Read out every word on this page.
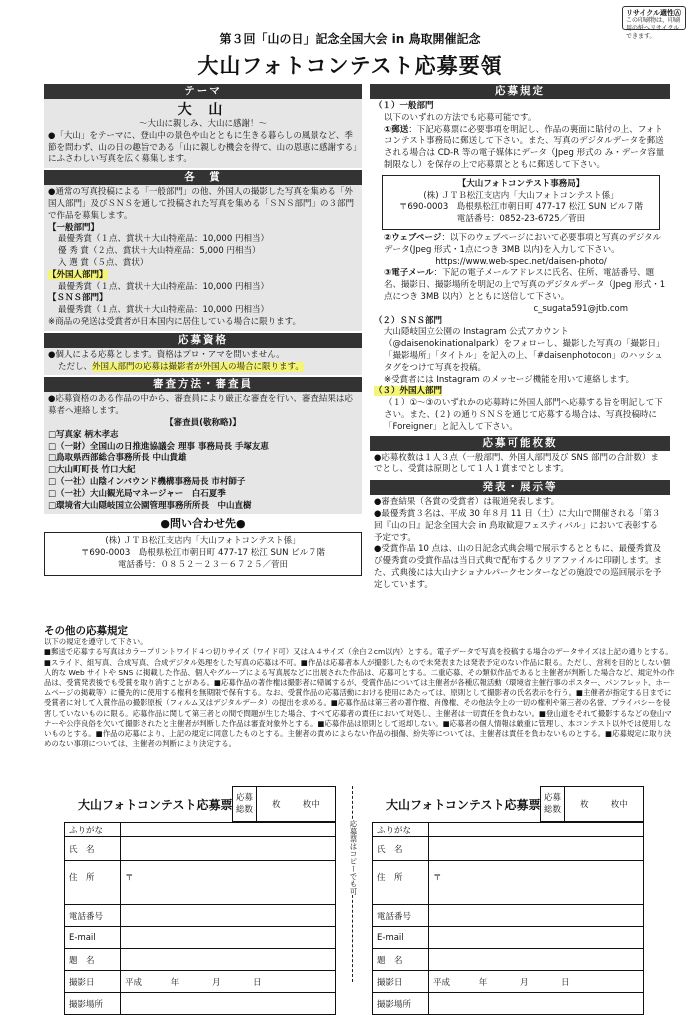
リサイクル適性Ⓐ
この印刷物は、印刷用の紙へリサイクルできます。
第３回「山の日」記念全国大会 in 鳥取開催記念
大山フォトコンテスト応募要領
テーマ
大 山
～大山に親しみ、大山に感謝！～
●「大山」をテーマに、登山中の景色や山とともに生きる暮らしの風景など、季節を問わず、山の日の趣旨である「山に親しむ機会を得て、山の恩恵に感謝する」にふさわしい写真を広く募集します。
各　賞
●通常の写真投稿による「一般部門」の他、外国人の撮影した写真を集める「外国人部門」及びＳＮＳを通して投稿された写真を集める「ＳＮＳ部門」の３部門で作品を募集します。
【一般部門】
最優秀賞（１点、賞状＋大山特産品：10,000 円相当）
優 秀 賞（２点、賞状＋大山特産品：5,000 円相当）
入 選 賞（５点、賞状）
【外国人部門】
最優秀賞（１点、賞状＋大山特産品：10,000 円相当）
【ＳＮＳ部門】
最優秀賞（１点、賞状＋大山特産品：10,000 円相当）
※商品の発送は受賞者が日本国内に居住している場合に限ります。
応募資格
●個人による応募とします。資格はプロ・アマを問いません。
ただし、外国人部門の応募は撮影者が外国人の場合に限ります。
審査方法・審査員
●応募資格のある作品の中から、審査員により厳正な審査を行い、審査結果は応募者へ連絡します。
【審査員(敬称略)】
□写真家 柄木孝志
□（一財）全国山の日推進協議会 理事 事務局長 手塚友恵
□鳥取県西部総合事務所長 中山貴雄
□大山町町長 竹口大紀
□（一社）山陰インバウンド機構事務局長 市村師子
□（一社）大山観光局マネージャー　白石夏季
□環境省大山隠岐国立公園管理事務所所長　中山直樹
●問い合わせ先●
(株) ＪＴＢ松江支店内「大山フォトコンテスト係」
〒690-0003　島根県松江市朝日町 477-17 松江 SUN ビル７階
電話番号：０８５２－２３－６７２５／菅田
応募規定
（１）一般部門
以下のいずれの方法でも応募可能です。
①郵送：下記応募票に必要事項を明記し、作品の裏面に貼付の上、フォトコンテスト事務局に郵送して下さい。また、写真のデジタルデータを郵送される場合は CD-R 等の電子媒体にデータ（Jpeg 形式の み・データ容量制限なし）を保存の上で応募票とともに郵送して下さい。
【大山フォトコンテスト事務局】
(株) ＪＴＢ松江支店内「大山フォトコンテスト係」
〒690-0003　島根県松江市朝日町 477-17 松江 SUN ビル７階
電話番号：0852-23-6725／菅田
②ウェブページ：以下のウェブページにおいて必要事項と写真のデジタルデータ(Jpeg 形式・1点につき 3MB 以内)を入力して下さい。
https://www.web-spec.net/daisen-photo/
③電子メール：下記の電子メールアドレスに氏名、住所、電話番号、題名、撮影日、撮影場所を明記の上で写真のデジタルデータ（Jpeg 形式・1点につき 3MB 以内）とともに送信して下さい。
c_sugata591@jtb.com
（２）ＳＮＳ部門
大山隠岐国立公園の Instagram 公式アカウント（@daisenokinationalpark）をフォローし、撮影した写真の「撮影日」「撮影場所」「タイトル」を記入の上、「#daisenphotocon」のハッシュタグをつけて写真を投稿。
※受賞者には Instagram のメッセージ機能を用いて連絡します。
（３）外国人部門
（１）①～③のいずれかの応募時に外国人部門へ応募する旨を明記して下さい。また、(２) の通りＳＮＳを通じて応募する場合は、写真投稿時に「Foreigner」と記入して下さい。
応募可能枚数
●応募枚数は１人３点（一般部門、外国人部門及び SNS 部門の合計数）までとし、受賞は原則として１人１賞までとします。
発表・展示等
●審査結果（各賞の受賞者）は報道発表します。
●最優秀賞３名は、平成 30 年８月 11 日（土）に大山で開催される「第３回『山の日』記念全国大会 in 鳥取歓迎フェスティバル」において表彰する予定です。
●受賞作品 10 点は、山の日記念式典会場で展示するとともに、最優秀賞及び優秀賞の受賞作品は当日式典で配布するクリアファイルに印刷します。また、式典後には大山ナショナルパークセンターなどの施設での巡回展示を予定しています。
その他の応募規定
以下の規定を遵守して下さい。
■郵送で応募する写真はカラープリントワイド４つ切りサイズ（ワイド可）又はＡ４サイズ（余白２cm以内）とする。電子データで写真を投稿する場合のデータサイズは上記の通りとする。■スライド、組写真、合成写真、合成デジタル処理をした写真の応募は不可。■作品は応募者本人が撮影したもので未発表または発表予定のない作品に限る。ただし、営利を目的としない個人的な Web サイトや SNS に掲載した作品、個人やグループによる写真展などに出展された作品は、応募可とする。二重応募、その類似作品であると主催者が判断した場合など、規定外の作品は、受賞発表後でも受賞を取り消すことがある。■応募作品の著作権は撮影者に帰属するが、受賞作品については主催者が各種広報活動（環境省主催行事のポスター、パンフレット、ホームページの掲載等）に優先的に使用する権利を無期限で保有する。なお、受賞作品の応募活動における使用にあたっては、原則として撮影者の氏名表示を行う。■主催者が指定する日までに受賞者に対して入賞作品の撮影原板（フィルム又はデジタルデータ）の提出を求める。■応募作品は第三者の著作権、肖像権、その他法令上の一切の権利や第三者の名誉、プライバシーを侵害していないものに限る。応募作品に関して第三者との間で問題が生じた場合、すべて応募者の責任において対処し、主催者は一切責任を負わない。■登山道をそれて撮影するなどの登山マナーや公序良俗を欠いて撮影されたと主催者が判断した作品は審査対象外とする。■応募作品は原則として返却しない。■応募者の個人情報は厳重に管理し、本コンテスト以外では使用しないものとする。■作品の応募により、上記の規定に同意したものとする。主催者の責めによらない作品の損傷、紛失等については、主催者は責任を負わないものとする。■応募規定に取り決めのない事項については、主催者の判断により決定する。
大山フォトコンテスト応募票 応募総数	枚	枚中
ふりがな	
氏　名	
住　所	〒
電話番号	
E-mail	
題　名	
撮影日	平成 年 月 日
撮影場所	
応募票はコピーでも可
大山フォトコンテスト応募票 応募総数	枚	枚中
ふりがな	
氏　名	
住　所	〒
電話番号	
E-mail	
題　名	
撮影日	平成 年 月 日
撮影場所	
